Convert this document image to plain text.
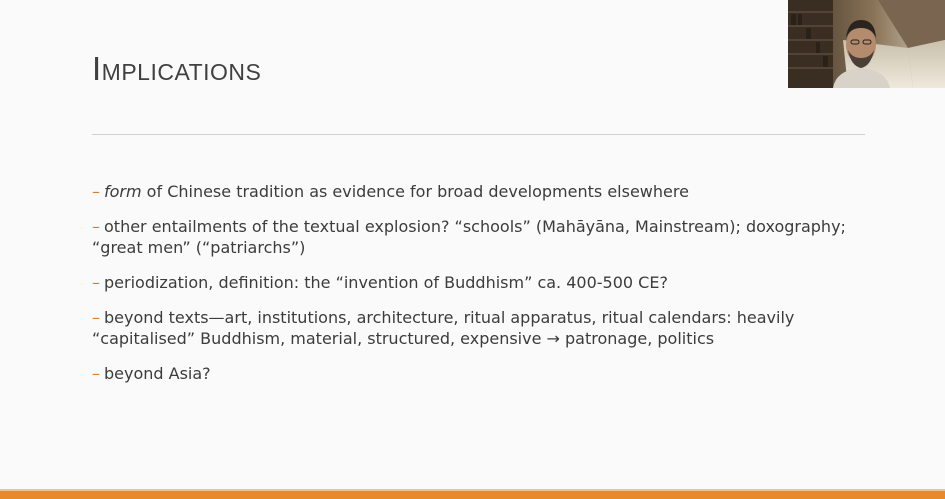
Implications
– form of Chinese tradition as evidence for broad developments elsewhere
– other entailments of the textual explosion? “schools” (Mahāyāna, Mainstream); doxography; “great men” (“patriarchs”)
– periodization, definition: the “invention of Buddhism” ca. 400-500 CE?
– beyond texts—art, institutions, architecture, ritual apparatus, ritual calendars: heavily “capitalised” Buddhism, material, structured, expensive → patronage, politics
– beyond Asia?
